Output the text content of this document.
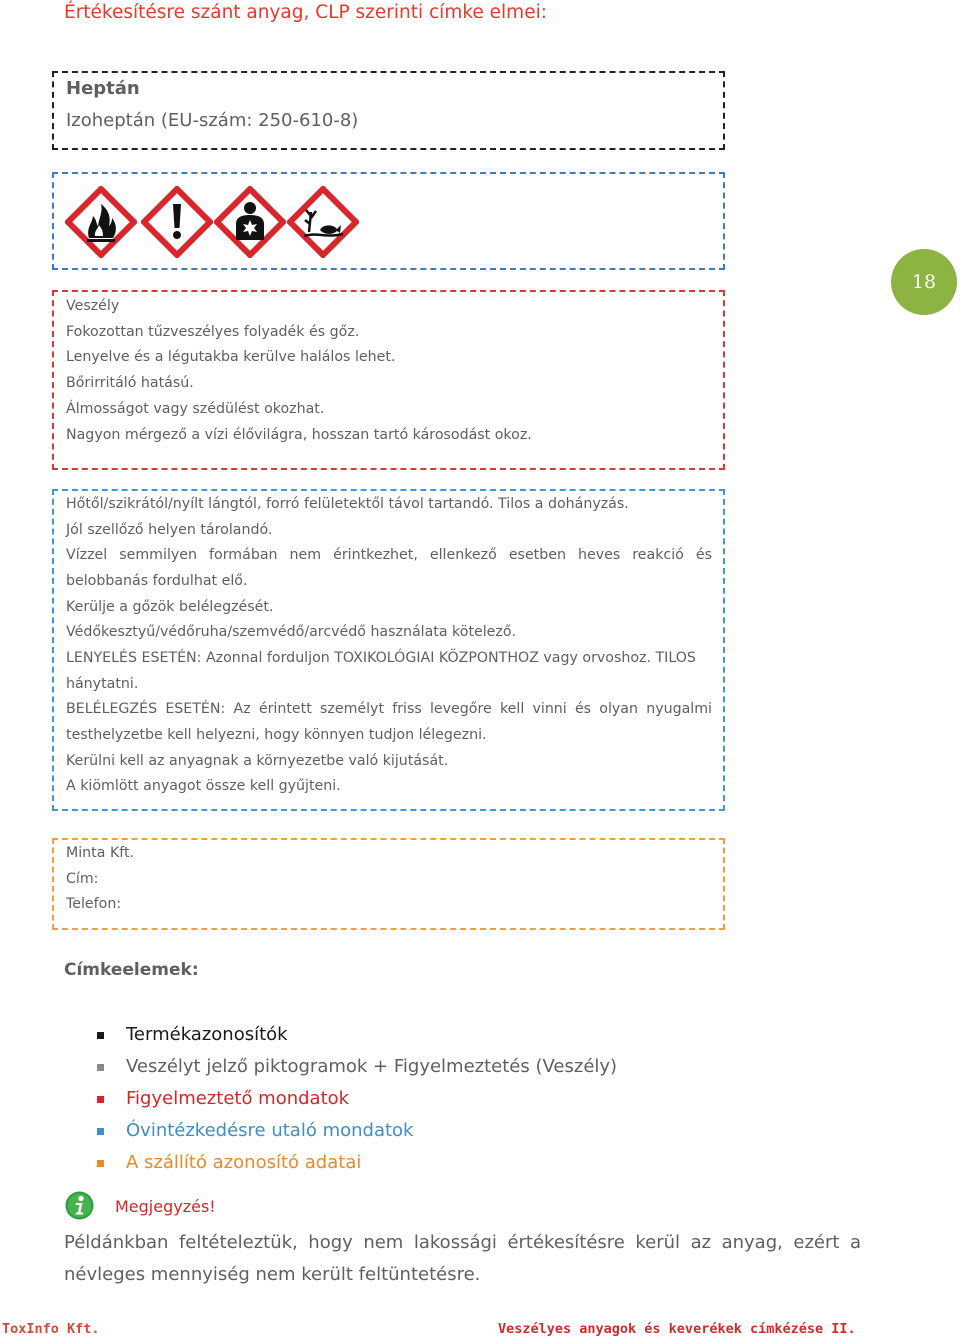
Értékesítésre szánt anyag, CLP szerinti címke elmei:
Heptán
Izoheptán (EU-szám: 250-610-8)
18
Veszély
Fokozottan tűzveszélyes folyadék és gőz.
Lenyelve és a légutakba kerülve halálos lehet.
Bőrirritáló hatású.
Álmosságot vagy szédülést okozhat.
Nagyon mérgező a vízi élővilágra, hosszan tartó károsodást okoz.
Hőtől/szikrától/nyílt lángtól, forró felületektől távol tartandó. Tilos a dohányzás.
Jól szellőző helyen tárolandó.
Vízzel semmilyen formában nem érintkezhet, ellenkező esetben heves reakció és
belobbanás fordulhat elő.
Kerülje a gőzök belélegzését.
Védőkesztyű/védőruha/szemvédő/arcvédő használata kötelező.
LENYELÉS ESETÉN: Azonnal forduljon TOXIKOLÓGIAI KÖZPONTHOZ vagy orvoshoz. TILOS
hánytatni.
BELÉLEGZÉS ESETÉN: Az érintett személyt friss levegőre kell vinni és olyan nyugalmi
testhelyzetbe kell helyezni, hogy könnyen tudjon lélegezni.
Kerülni kell az anyagnak a környezetbe való kijutását.
A kiömlött anyagot össze kell gyűjteni.
Minta Kft.
Cím:
Telefon:
Címkeelemek:
Termékazonosítók
Veszélyt jelző piktogramok + Figyelmeztetés (Veszély)
Figyelmeztető mondatok
Óvintézkedésre utaló mondatok
A szállító azonosító adatai
Megjegyzés!
Példánkban feltételeztük, hogy nem lakossági értékesítésre kerül az anyag, ezért a
névleges mennyiség nem került feltüntetésre.
ToxInfo Kft.	Veszélyes anyagok és keverékek címkézése II.
